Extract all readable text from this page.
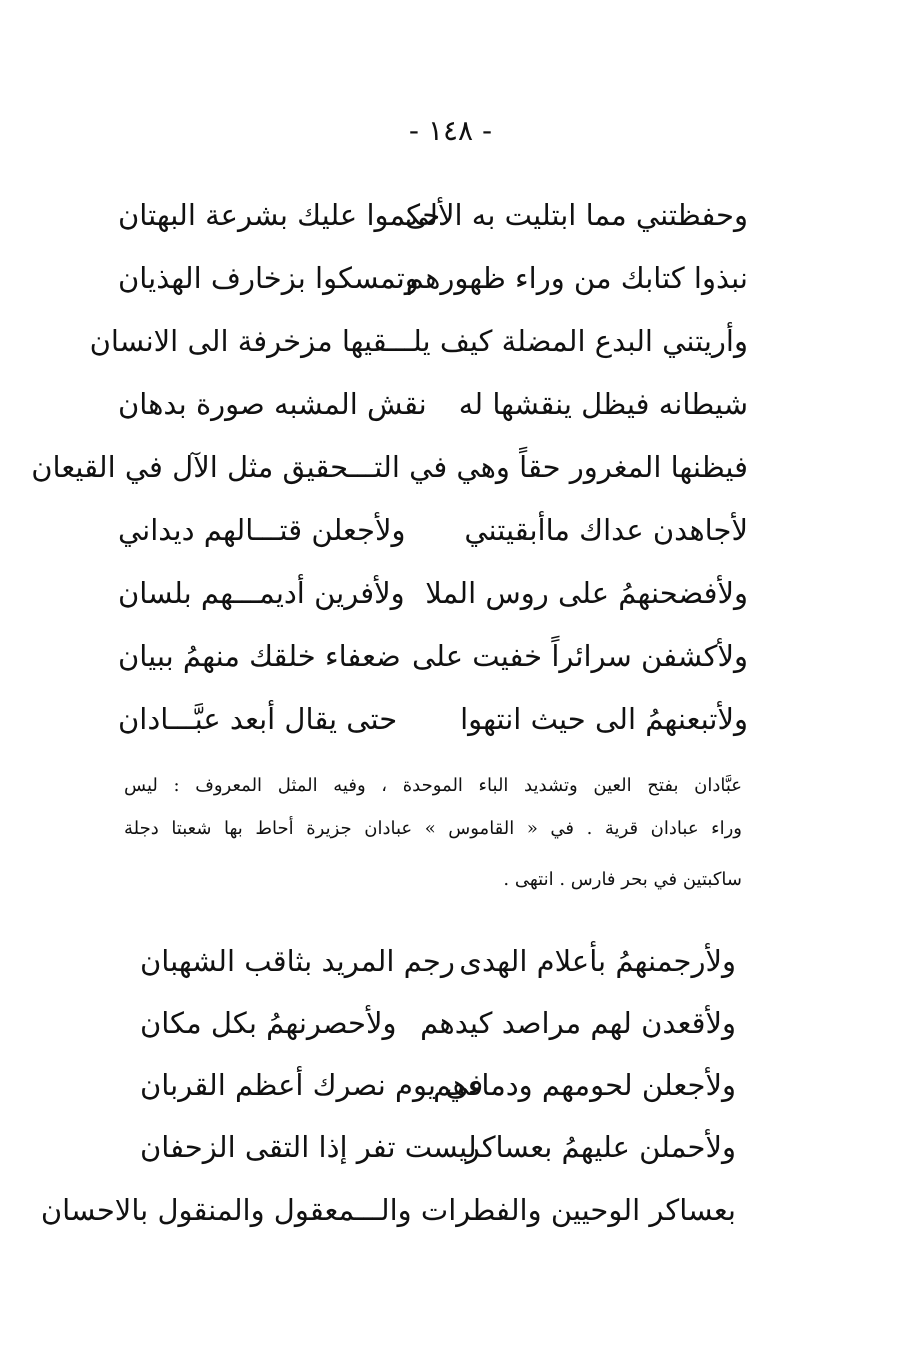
- ١٤٨ -
وحفظتني مما ابتليت به الألى
حكموا عليك بشرعة البهتان
نبذوا كتابك من وراء ظهورهم
وتمسكوا بزخارف الهذيان
وأريتني البدع المضلة كيف يلـــقيها مزخرفة الى الانسان
شيطانه فيظل ينقشها له
نقش المشبه صورة بدهان
فيظنها المغرور حقاً وهي في التـــحقيق مثل الآل في القيعان
لأجاهدن عداك ماأبقيتني
ولأجعلن قتـــالهم ديداني
ولأفضحنهمُ على روس الملا
ولأفرين أديمـــهم بلسان
ولأكشفن سرائراً خفيت على
ضعفاء خلقك منهمُ ببيان
ولأتبعنهمُ الى حيث انتهوا
حتى يقال أبعد عبَّـــادان
عبَّادان بفتح العين وتشديد الباء الموحدة ، وفيه المثل المعروف : ليس
وراء عبادان قرية . في « القاموس » عبادان جزيرة أحاط بها شعبتا دجلة
ساكبتين في بحر فارس . انتهى .
ولأرجمنهمُ بأعلام الهدى
رجم المريد بثاقب الشهبان
ولأقعدن لهم مراصد كيدهم
ولأحصرنهمُ بكل مكان
ولأجعلن لحومهم ودماءهم
في يوم نصرك أعظم القربان
ولأحملن عليهمُ بعساكر
ليست تفر إذا التقى الزحفان
بعساكر الوحيين والفطرات والـــمعقول والمنقول بالاحسان
